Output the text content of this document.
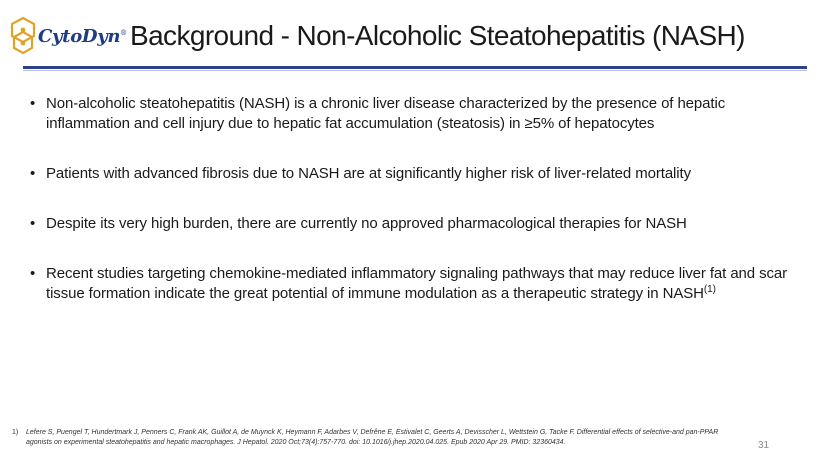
CytoDyn® Background - Non-Alcoholic Steatohepatitis (NASH)
• Non-alcoholic steatohepatitis (NASH) is a chronic liver disease characterized by the presence of hepatic inflammation and cell injury due to hepatic fat accumulation (steatosis) in ≥5% of hepatocytes
• Patients with advanced fibrosis due to NASH are at significantly higher risk of liver-related mortality
• Despite its very high burden, there are currently no approved pharmacological therapies for NASH
• Recent studies targeting chemokine-mediated inflammatory signaling pathways that may reduce liver fat and scar tissue formation indicate the great potential of immune modulation as a therapeutic strategy in NASH$^{(1)}$
1)	Lefere S, Puengel T, Hundertmark J, Penners C, Frank AK, Guillot A, de Muynck K, Heymann F, Adarbes V, Defrêne E, Estivalet C, Geerts A, Devisscher L, Wettstein G, Tacke F. Differential effects of selective-and pan-PPAR agonists on experimental steatohepatitis and hepatic macrophages. J Hepatol. 2020 Oct;73(4):757-770. doi: 10.1016/j.jhep.2020.04.025. Epub 2020 Apr 29. PMID: 32360434.	31
